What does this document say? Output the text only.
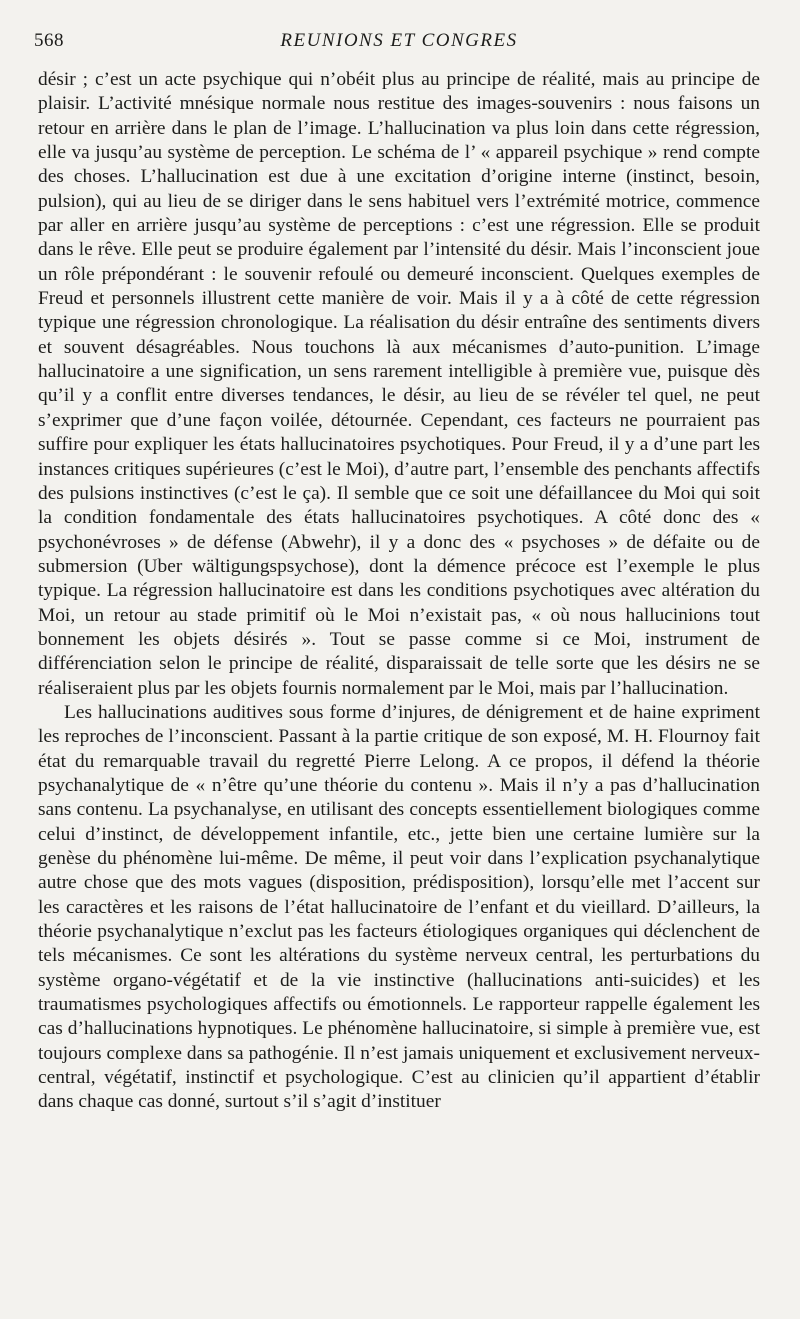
568	REUNIONS ET CONGRES

désir ; c’est un acte psychique qui n’obéit plus au principe de réalité, mais au principe de plaisir. L’activité mnésique normale nous restitue des images-souvenirs : nous faisons un retour en arrière dans le plan de l’image. L’hallucination va plus loin dans cette régression, elle va jusqu’au système de perception. Le schéma de l’ « appareil psychique » rend compte des choses. L’hallucination est due à une excitation d’origine interne (instinct, besoin, pulsion), qui au lieu de se diriger dans le sens habituel vers l’extrémité motrice, commence par aller en arrière jusqu’au système de perceptions : c’est une régression. Elle se produit dans le rêve. Elle peut se produire également par l’intensité du désir. Mais l’inconscient joue un rôle prépondérant : le souvenir refoulé ou demeuré inconscient. Quelques exemples de Freud et personnels illustrent cette manière de voir. Mais il y a à côté de cette régression typique une régression chronologique. La réalisation du désir entraîne des sentiments divers et souvent désagréables. Nous touchons là aux mécanismes d’auto-punition. L’image hallucinatoire a une signification, un sens rarement intelligible à première vue, puisque dès qu’il y a conflit entre diverses tendances, le désir, au lieu de se révéler tel quel, ne peut s’exprimer que d’une façon voilée, détournée. Cependant, ces facteurs ne pourraient pas suffire pour expliquer les états hallucinatoires psychotiques. Pour Freud, il y a d’une part les instances critiques supérieures (c’est le Moi), d’autre part, l’ensemble des penchants affectifs des pulsions instinctives (c’est le ça). Il semble que ce soit une défaillancee du Moi qui soit la condition fondamentale des états hallucinatoires psychotiques. A côté donc des « psychonévroses » de défense (Abwehr), il y a donc des « psychoses » de défaite ou de submersion (Uber wältigungspsychose), dont la démence précoce est l’exemple le plus typique. La régression hallucinatoire est dans les conditions psychotiques avec altération du Moi, un retour au stade primitif où le Moi n’existait pas, « où nous hallucinions tout bonnement les objets désirés ». Tout se passe comme si ce Moi, instrument de différenciation selon le principe de réalité, disparaissait de telle sorte que les désirs ne se réaliseraient plus par les objets fournis normalement par le Moi, mais par l’hallucination.

Les hallucinations auditives sous forme d’injures, de dénigrement et de haine expriment les reproches de l’inconscient. Passant à la partie critique de son exposé, M. H. Flournoy fait état du remarquable travail du regretté Pierre Lelong. A ce propos, il défend la théorie psychanalytique de « n’être qu’une théorie du contenu ». Mais il n’y a pas d’hallucination sans contenu. La psychanalyse, en utilisant des concepts essentiellement biologiques comme celui d’instinct, de développement infantile, etc., jette bien une certaine lumière sur la genèse du phénomène lui-même. De même, il peut voir dans l’explication psychanalytique autre chose que des mots vagues (disposition, prédisposition), lorsqu’elle met l’accent sur les caractères et les raisons de l’état hallucinatoire de l’enfant et du vieillard. D’ailleurs, la théorie psychanalytique n’exclut pas les facteurs étiologiques organiques qui déclenchent de tels mécanismes. Ce sont les altérations du système nerveux central, les perturbations du système organo-végétatif et de la vie instinctive (hallucinations anti-suicides) et les traumatismes psychologiques affectifs ou émotionnels. Le rapporteur rappelle également les cas d’hallucinations hypnotiques. Le phénomène hallucinatoire, si simple à première vue, est toujours complexe dans sa pathogénie. Il n’est jamais uniquement et exclusivement nerveux-central, végétatif, instinctif et psychologique. C’est au clinicien qu’il appartient d’établir dans chaque cas donné, surtout s’il s’agit d’instituer
